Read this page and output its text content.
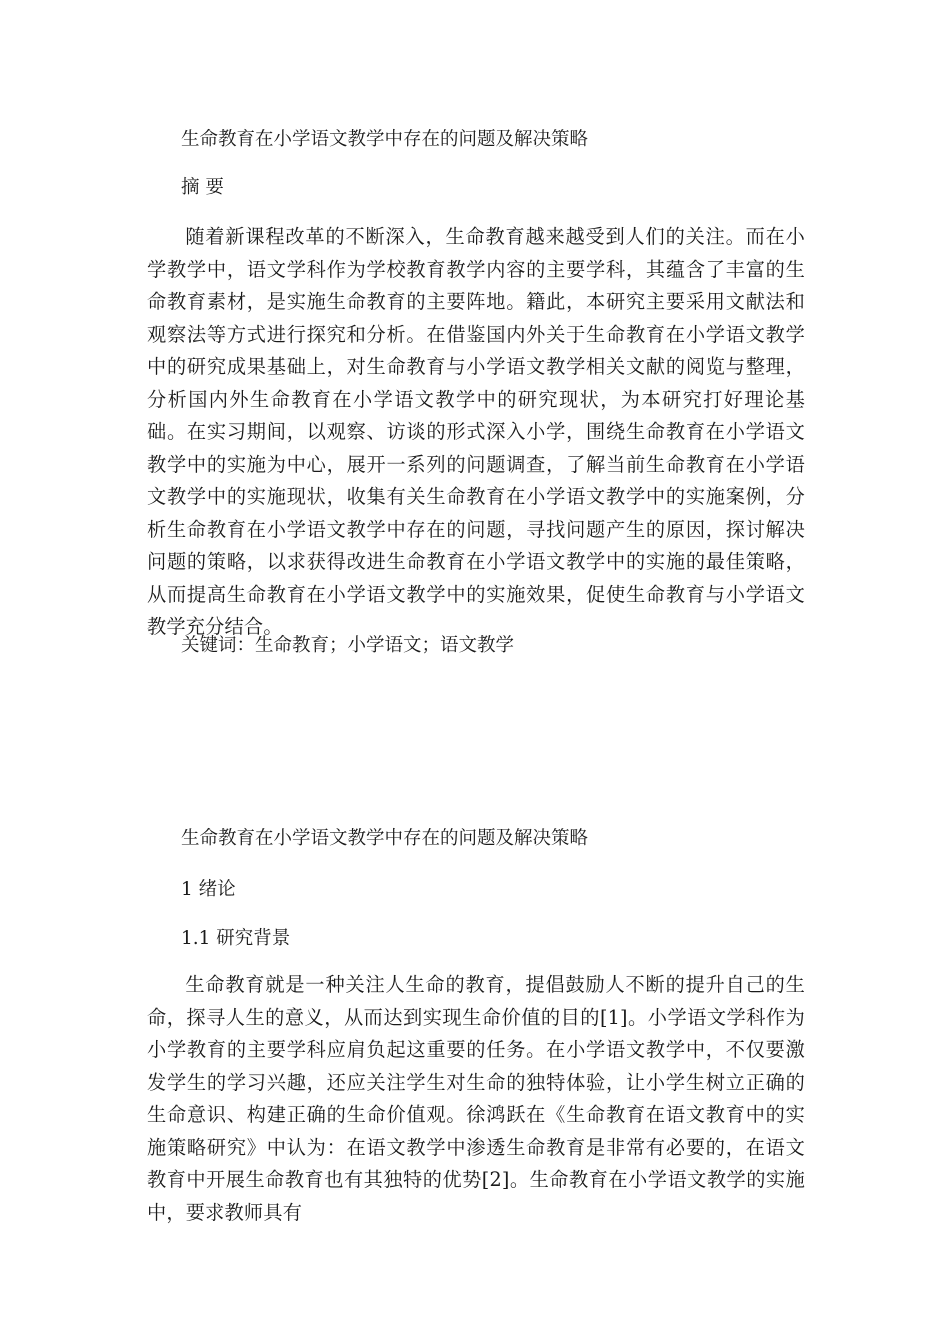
生命教育在小学语文教学中存在的问题及解决策略
摘 要

随着新课程改革的不断深入，生命教育越来越受到人们的关注。而在小学教学中，语文学科作为学校教育教学内容的主要学科，其蕴含了丰富的生命教育素材，是实施生命教育的主要阵地。籍此，本研究主要采用文献法和观察法等方式进行探究和分析。在借鉴国内外关于生命教育在小学语文教学中的研究成果基础上，对生命教育与小学语文教学相关文献的阅览与整理，分析国内外生命教育在小学语文教学中的研究现状，为本研究打好理论基础。在实习期间，以观察、访谈的形式深入小学，围绕生命教育在小学语文教学中的实施为中心，展开一系列的问题调查，了解当前生命教育在小学语文教学中的实施现状，收集有关生命教育在小学语文教学中的实施案例，分析生命教育在小学语文教学中存在的问题，寻找问题产生的原因，探讨解决问题的策略，以求获得改进生命教育在小学语文教学中的实施的最佳策略，从而提高生命教育在小学语文教学中的实施效果，促使生命教育与小学语文教学充分结合。

关键词：生命教育；小学语文；语文教学

生命教育在小学语文教学中存在的问题及解决策略
1 绪论
1.1 研究背景

生命教育就是一种关注人生命的教育，提倡鼓励人不断的提升自己的生命，探寻人生的意义，从而达到实现生命价值的目的[1]。小学语文学科作为小学教育的主要学科应肩负起这重要的任务。在小学语文教学中，不仅要激发学生的学习兴趣，还应关注学生对生命的独特体验，让小学生树立正确的生命意识、构建正确的生命价值观。徐鸿跃在《生命教育在语文教育中的实施策略研究》中认为：在语文教学中渗透生命教育是非常有必要的，在语文教育中开展生命教育也有其独特的优势[2]。生命教育在小学语文教学的实施中，要求教师具有
